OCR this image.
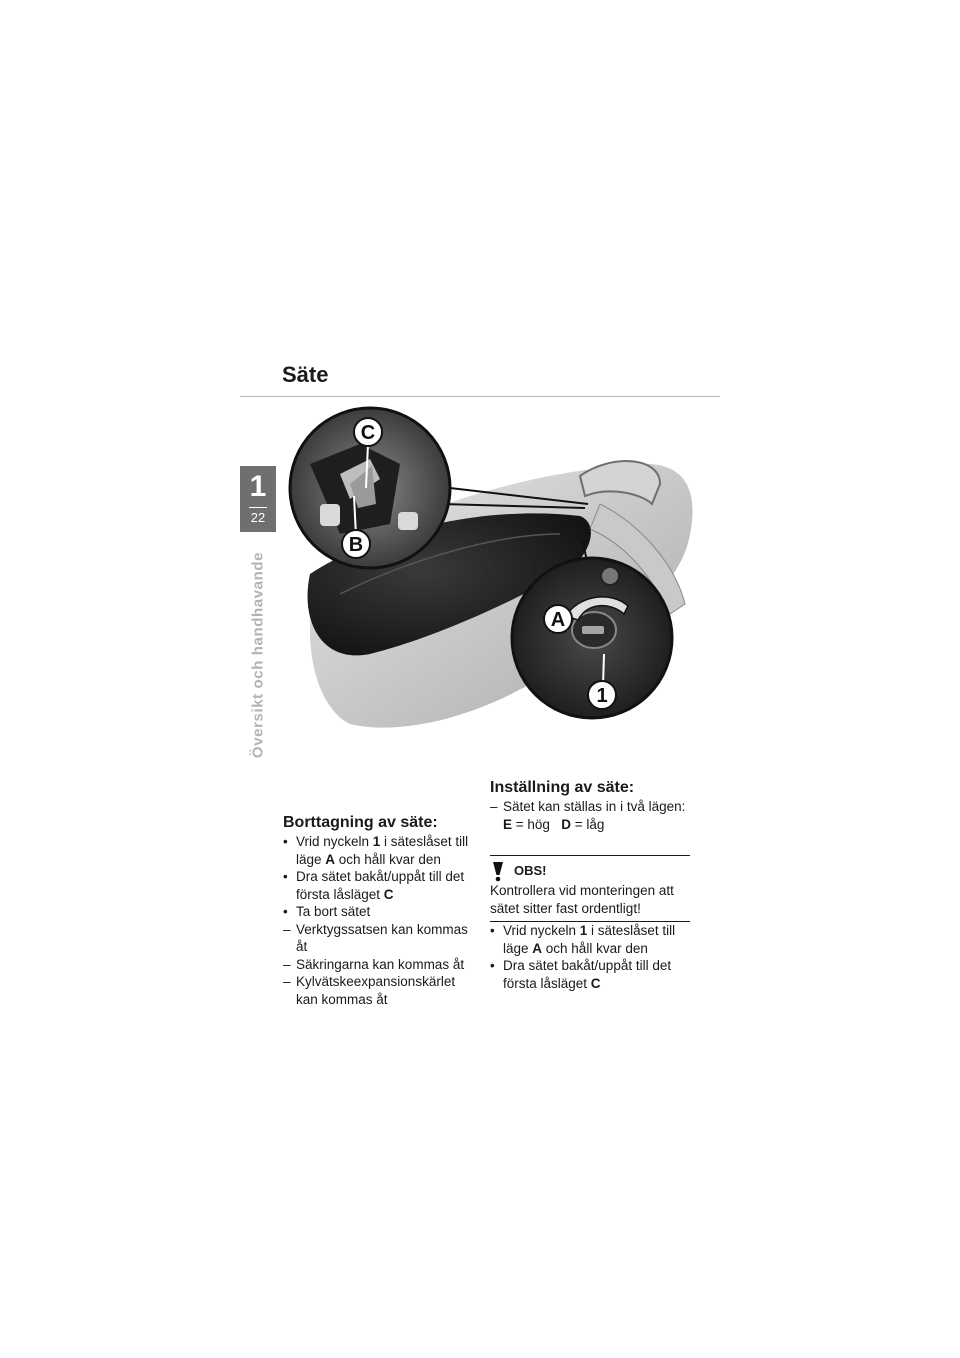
Säte
1
22
Översikt och handhavande
C
B
A
1
Borttagning av säte:
• Vrid nyckeln 1 i säteslåset till läge A och håll kvar den
• Dra sätet bakåt/uppåt till det första låsläget C
• Ta bort sätet
– Verktygssatsen kan kommas åt
– Säkringarna kan kommas åt
– Kylvätskeexpansionskärlet kan kommas åt
Inställning av säte:
– Sätet kan ställas in i två lägen:
E = hög D = låg
OBS!
Kontrollera vid monteringen att sätet sitter fast ordentligt!
• Vrid nyckeln 1 i säteslåset till läge A och håll kvar den
• Dra sätet bakåt/uppåt till det första låsläget C
